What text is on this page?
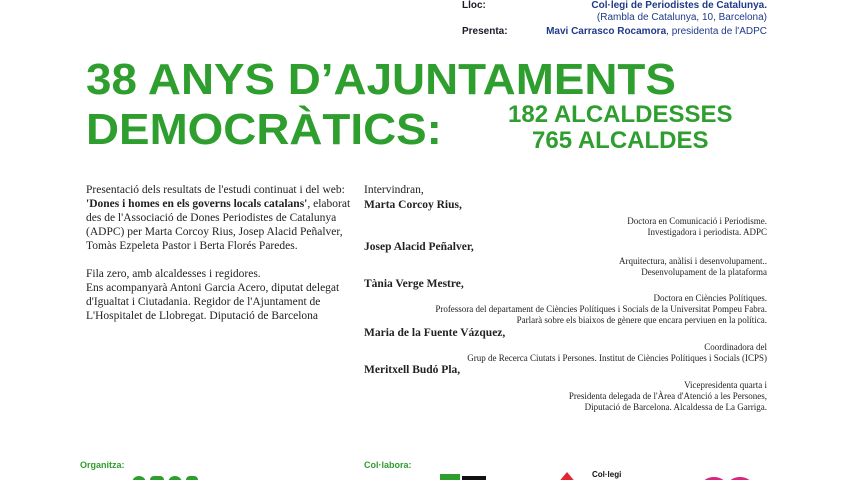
Lloc:	Col·legi de Periodistes de Catalunya.
(Rambla de Catalunya, 10, Barcelona)
Presenta:	Mavi Carrasco Rocamora, presidenta de l'ADPC
38 ANYS D’AJUNTAMENTS
DEMOCRÀTICS:	182 ALCALDESSES
765 ALCALDES

Presentació dels resultats de l'estudi continuat i del web: 'Dones i homes en els governs locals catalans', elaborat des de l'Associació de Dones Periodistes de Catalunya (ADPC) per Marta Corcoy Rius, Josep Alacid Peñalver, Tomàs Ezpeleta Pastor i Berta Florés Paredes.

Fila zero, amb alcaldesses i regidores.

Ens acompanyarà Antoni Garcia Acero, diputat delegat d'Igualtat i Ciutadania. Regidor de l'Ajuntament de L'Hospitalet de Llobregat. Diputació de Barcelona

Intervindran,
Marta Corcoy Rius,
Doctora en Comunicació i Periodisme.
Investigadora i periodista. ADPC
Josep Alacid Peñalver,
Arquitectura, anàlisi i desenvolupament..
Desenvolupament de la plataforma
Tània Verge Mestre,
Doctora en Ciències Polítiques.
Professora del departament de Ciències Polítiques i Socials de la Universitat Pompeu Fabra.
Parlarà sobre els biaixos de gènere que encara perviuen en la política.
Maria de la Fuente Vázquez,
Coordinadora del
Grup de Recerca Ciutats i Persones. Institut de Ciències Polítiques i Socials (ICPS)
Meritxell Budó Pla,
Vicepresidenta quarta i
Presidenta delegada de l'Àrea d'Atenció a les Persones,
Diputació de Barcelona. Alcaldessa de La Garriga.
Organitza:	Col·labora:
Col·legi
